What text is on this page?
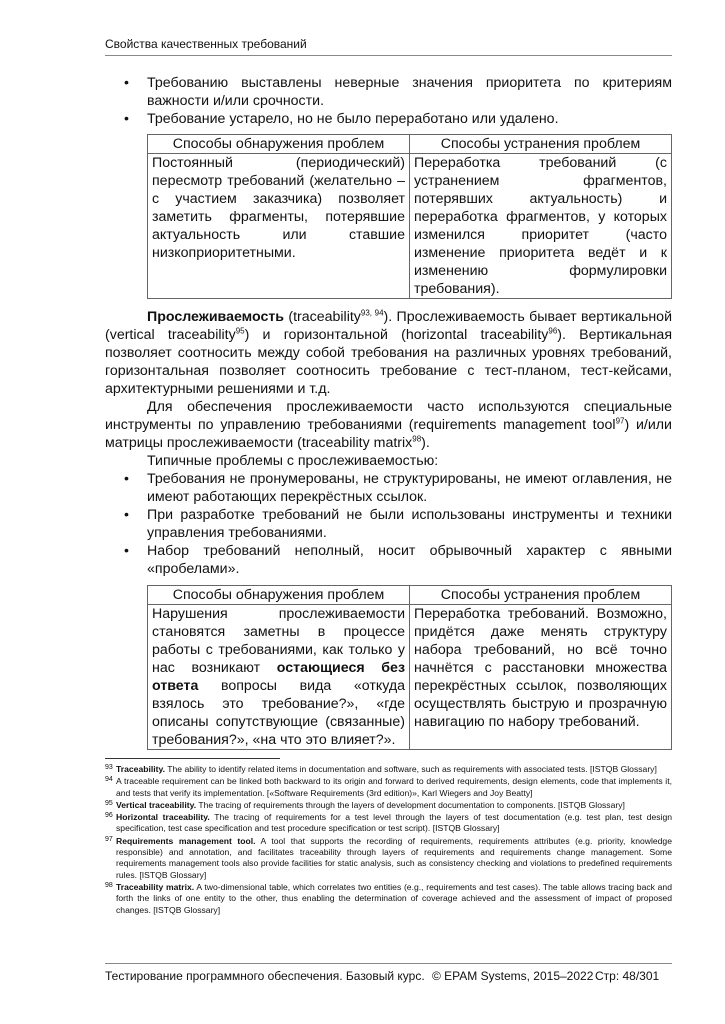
Свойства качественных требований
• Требованию выставлены неверные значения приоритета по критериям важности и/или срочности.
• Требование устарело, но не было переработано или удалено.
Способы обнаружения проблем	Способы устранения проблем
Постоянный (периодический) пересмотр требований (желательно – с участием заказчика) позволяет заметить фрагменты, потерявшие актуальность или ставшие низкоприоритетными.	Переработка требований (с устранением фрагментов, потерявших актуальность) и переработка фрагментов, у которых изменился приоритет (часто изменение приоритета ведёт и к изменению формулировки требования).

Прослеживаемость (traceability$^{93, 94}$). Прослеживаемость бывает вертикальной (vertical traceability$^{95}$) и горизонтальной (horizontal traceability$^{96}$). Вертикальная позволяет соотносить между собой требования на различных уровнях требований, горизонтальная позволяет соотносить требование с тест-планом, тест-кейсами, архитектурными решениями и т.д.

Для обеспечения прослеживаемости часто используются специальные инструменты по управлению требованиями (requirements management tool$^{97}$) и/или матрицы прослеживаемости (traceability matrix$^{98}$).

Типичные проблемы с прослеживаемостью:

• Требования не пронумерованы, не структурированы, не имеют оглавления, не имеют работающих перекрёстных ссылок.
• При разработке требований не были использованы инструменты и техники управления требованиями.
• Набор требований неполный, носит обрывочный характер с явными «пробелами».
Способы обнаружения проблем	Способы устранения проблем
Нарушения прослеживаемости становятся заметны в процессе работы с требованиями, как только у нас возникают остающиеся без ответа вопросы вида «откуда взялось это требование?», «где описаны сопутствующие (связанные) требования?», «на что это влияет?».	Переработка требований. Возможно, придётся даже менять структуру набора требований, но всё точно начнётся с расстановки множества перекрёстных ссылок, позволяющих осуществлять быструю и прозрачную навигацию по набору требований.
93 Traceability. The ability to identify related items in documentation and software, such as requirements with associated tests. [ISTQB Glossary]
94 A traceable requirement can be linked both backward to its origin and forward to derived requirements, design elements, code that implements it, and tests that verify its implementation. [«Software Requirements (3rd edition)», Karl Wiegers and Joy Beatty]
95 Vertical traceability. The tracing of requirements through the layers of development documentation to components. [ISTQB Glossary]
96 Horizontal traceability. The tracing of requirements for a test level through the layers of test documentation (e.g. test plan, test design specification, test case specification and test procedure specification or test script). [ISTQB Glossary]
97 Requirements management tool. A tool that supports the recording of requirements, requirements attributes (e.g. priority, knowledge responsible) and annotation, and facilitates traceability through layers of requirements and requirements change management. Some requirements management tools also provide facilities for static analysis, such as consistency checking and violations to predefined requirements rules. [ISTQB Glossary]
98 Traceability matrix. A two-dimensional table, which correlates two entities (e.g., requirements and test cases). The table allows tracing back and forth the links of one entity to the other, thus enabling the determination of coverage achieved and the assessment of impact of proposed changes. [ISTQB Glossary]
Тестирование программного обеспечения. Базовый курс. © EPAM Systems, 2015–2022 Стр: 48/301
